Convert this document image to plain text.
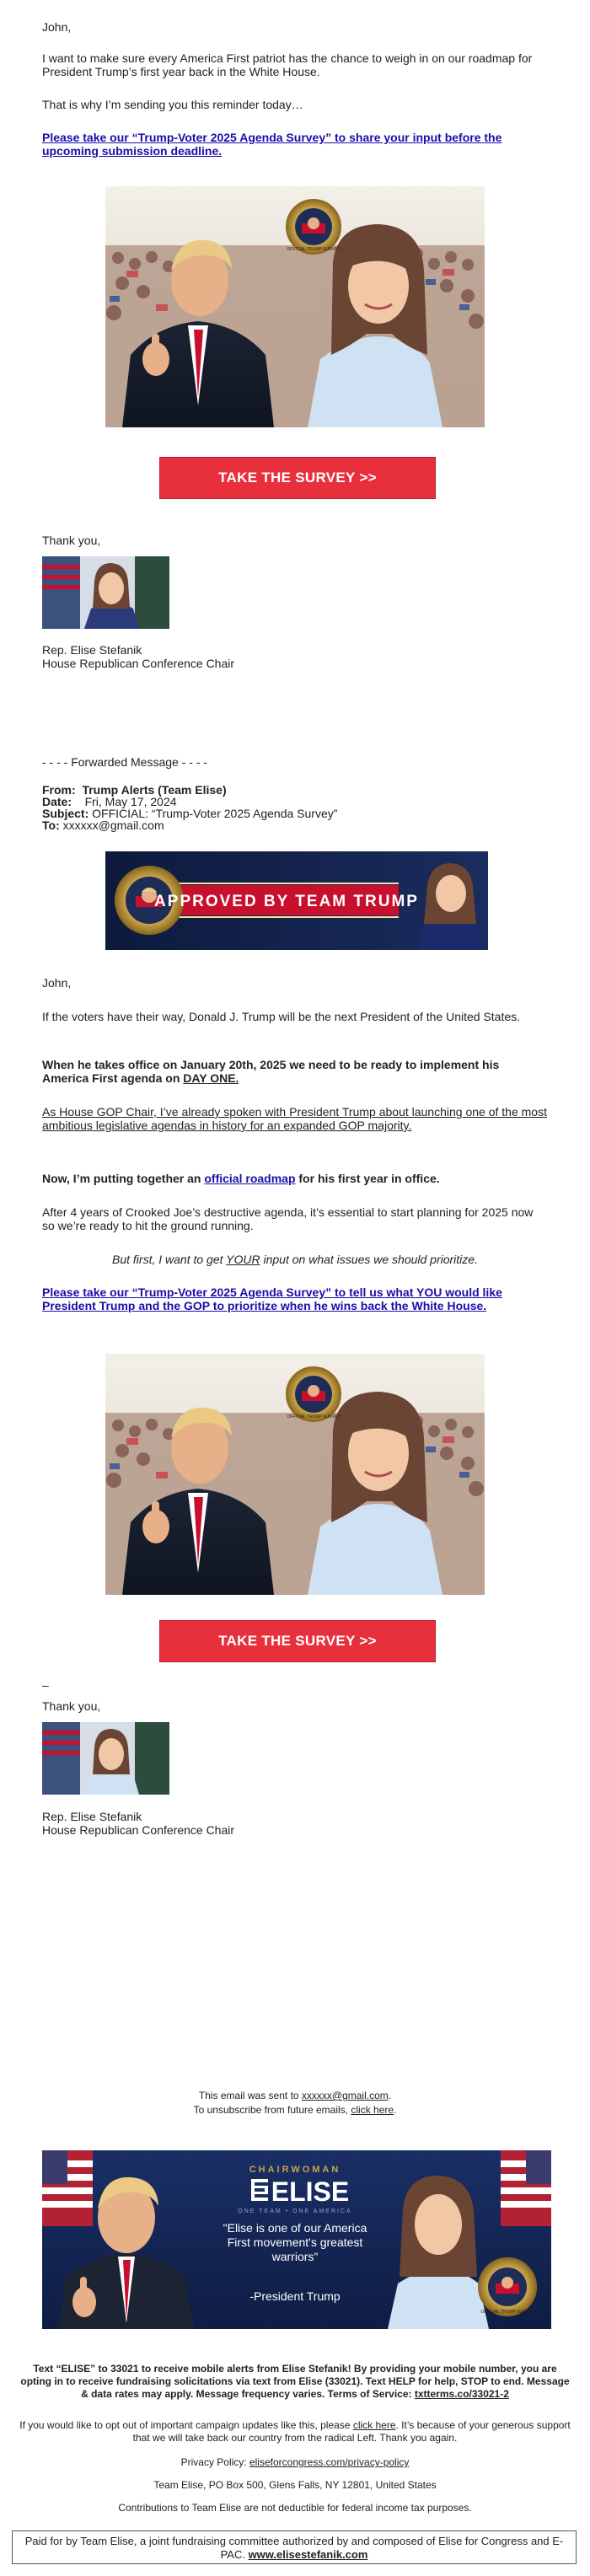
John,
I want to make sure every America First patriot has the chance to weigh in on our roadmap for President Trump’s first year back in the White House.
That is why I’m sending you this reminder today…
Please take our “Trump-Voter 2025 Agenda Survey” to share your input before the upcoming submission deadline.
OFFICIAL TRUMP SURVEY
TAKE THE SURVEY >>
Thank you,
Rep. Elise Stefanik
House Republican Conference Chair
- - - - Forwarded Message - - - -
From: Trump Alerts (Team Elise)
Date: Fri, May 17, 2024
Subject: OFFICIAL: “Trump-Voter 2025 Agenda Survey”
To: xxxxxx@gmail.com
APPROVED BY TEAM TRUMP
John,
If the voters have their way, Donald J. Trump will be the next President of the United States.
When he takes office on January 20th, 2025 we need to be ready to implement his America First agenda on DAY ONE.
As House GOP Chair, I’ve already spoken with President Trump about launching one of the most ambitious legislative agendas in history for an expanded GOP majority.
Now, I’m putting together an official roadmap for his first year in office.
After 4 years of Crooked Joe’s destructive agenda, it’s essential to start planning for 2025 now so we’re ready to hit the ground running.
But first, I want to get YOUR input on what issues we should prioritize.
Please take our “Trump-Voter 2025 Agenda Survey” to tell us what YOU would like President Trump and the GOP to prioritize when he wins back the White House.
OFFICIAL TRUMP SURVEY
TAKE THE SURVEY >>
–
Thank you,
Rep. Elise Stefanik
House Republican Conference Chair
This email was sent to xxxxxx@gmail.com.
To unsubscribe from future emails, click here.
OFFICIAL TRUMP SURVEY
CHAIRWOMAN
ELISE
ONE TEAM • ONE AMERICA
"Elise is one of our America First movement's greatest warriors"
-President Trump
Text “ELISE” to 33021 to receive mobile alerts from Elise Stefanik! By providing your mobile number, you are opting in to receive fundraising solicitations via text from Elise (33021). Text HELP for help, STOP to end. Message & data rates may apply. Message frequency varies. Terms of Service: txtterms.co/33021-2
If you would like to opt out of important campaign updates like this, please click here. It’s because of your generous support that we will take back our country from the radical Left. Thank you again.
Privacy Policy: eliseforcongress.com/privacy-policy
Team Elise, PO Box 500, Glens Falls, NY 12801, United States
Contributions to Team Elise are not deductible for federal income tax purposes.
Paid for by Team Elise, a joint fundraising committee authorized by and composed of Elise for Congress and E-PAC. www.elisestefanik.com
